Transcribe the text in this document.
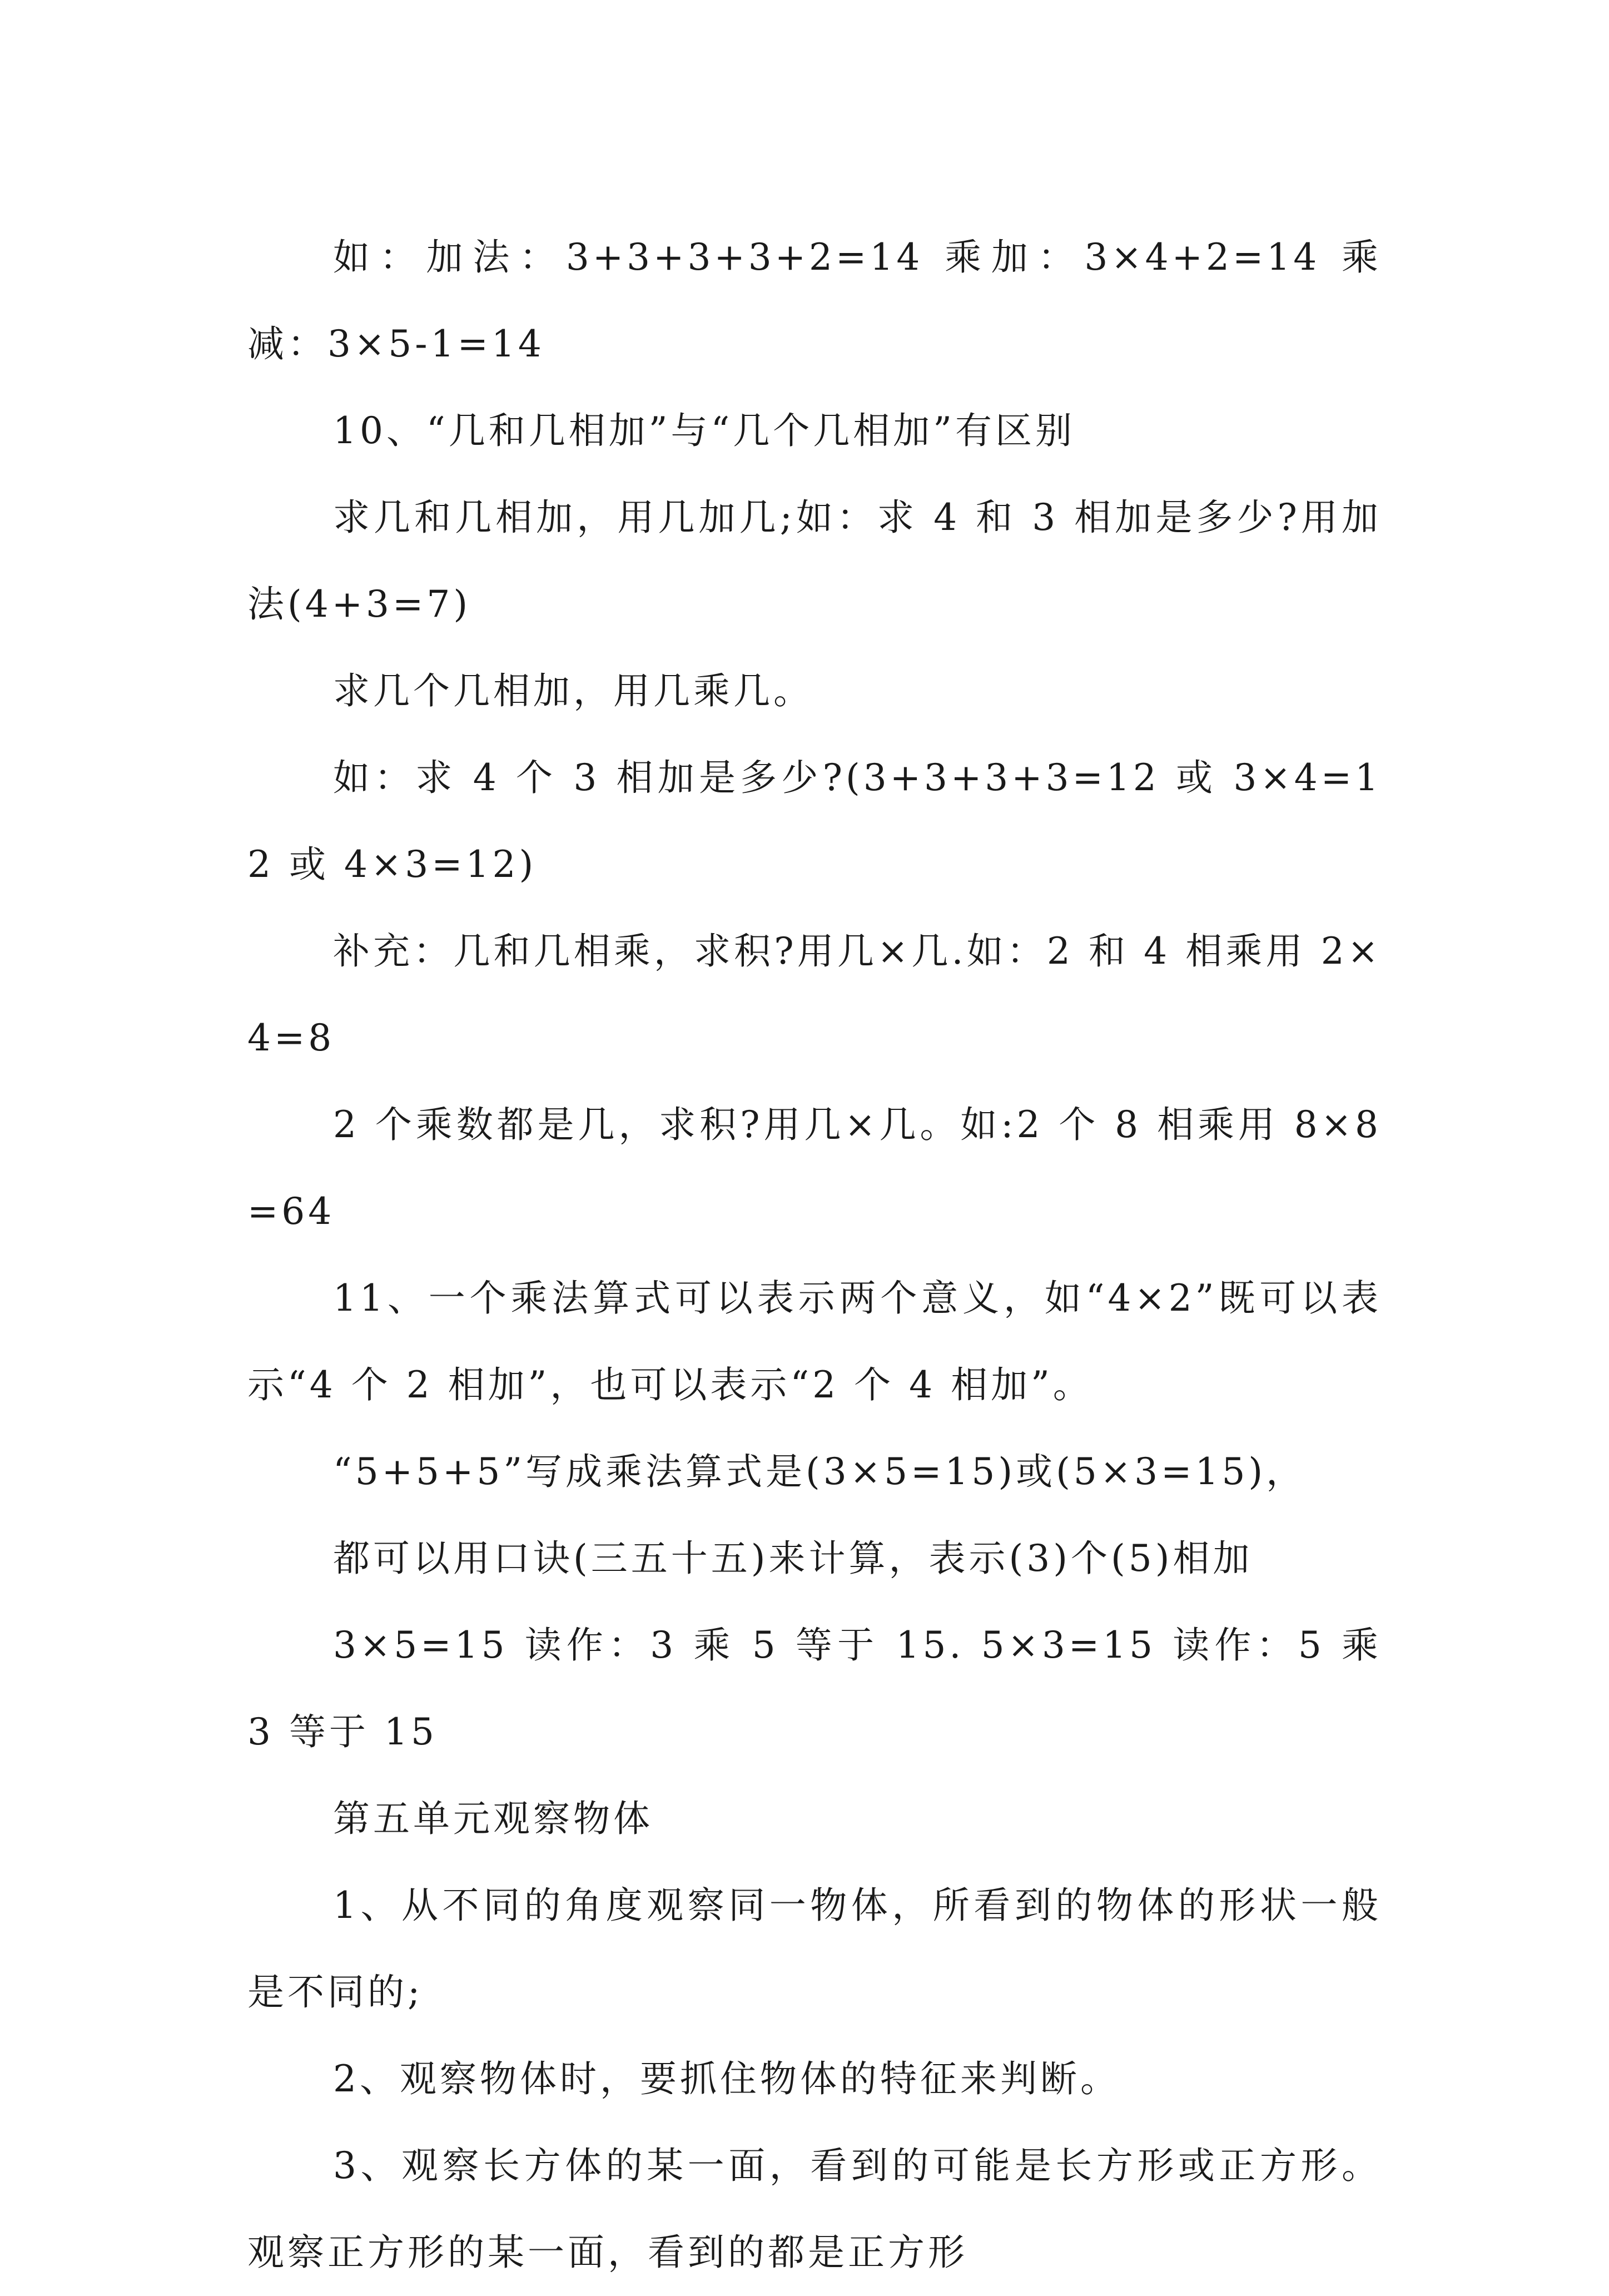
如：加法：3+3+3+3+2=14 乘加：3×4+2=14 乘减：3×5-1=14

10、“几和几相加”与“几个几相加”有区别

求几和几相加，用几加几;如：求 4 和 3 相加是多少?用加法(4+3=7)

求几个几相加，用几乘几。

如：求 4 个 3 相加是多少?(3+3+3+3=12 或 3×4=12 或 4×3=12)

补充：几和几相乘，求积?用几×几.如：2 和 4 相乘用 2×4=8

2 个乘数都是几，求积?用几×几。如:2 个 8 相乘用 8×8=64

11、一个乘法算式可以表示两个意义，如“4×2”既可以表示“4 个 2 相加”，也可以表示“2 个 4 相加”。

“5+5+5”写成乘法算式是(3×5=15)或(5×3=15)，

都可以用口诀(三五十五)来计算，表示(3)个(5)相加

3×5=15 读作：3 乘 5 等于 15. 5×3=15 读作：5 乘 3 等于 15

第五单元观察物体

1、从不同的角度观察同一物体，所看到的物体的形状一般是不同的;

2、观察物体时，要抓住物体的特征来判断。

3、观察长方体的某一面，看到的可能是长方形或正方形。观察正方形的某一面，看到的都是正方形
